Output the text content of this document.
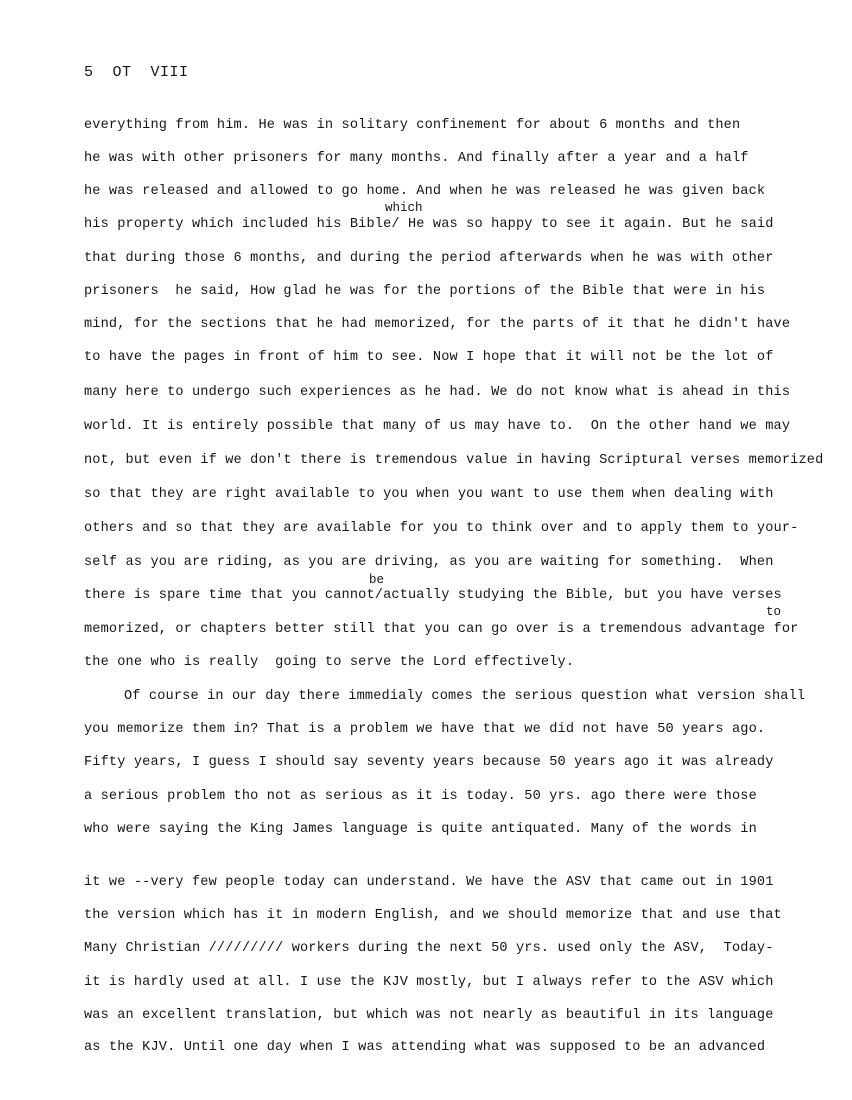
5  OT  VIII
which
be
to
everything from him. He was in solitary confinement for about 6 months and then
he was with other prisoners for many months. And finally after a year and a half
he was released and allowed to go home. And when he was released he was given back
his property which included his Bible/ He was so happy to see it again. But he said
that during those 6 months, and during the period afterwards when he was with other
prisoners  he said, How glad he was for the portions of the Bible that were in his
mind, for the sections that he had memorized, for the parts of it that he didn't have
to have the pages in front of him to see. Now I hope that it will not be the lot of
many here to undergo such experiences as he had. We do not know what is ahead in this
world. It is entirely possible that many of us may have to.  On the other hand we may
not, but even if we don't there is tremendous value in having Scriptural verses memorized
so that they are right available to you when you want to use them when dealing with
others and so that they are available for you to think over and to apply them to your-
self as you are riding, as you are driving, as you are waiting for something.  When
there is spare time that you cannot/actually studying the Bible, but you have verses
memorized, or chapters better still that you can go over is a tremendous advantage for
the one who is really  going to serve the Lord effectively.
Of course in our day there immedialy comes the serious question what version shall
you memorize them in? That is a problem we have that we did not have 50 years ago.
Fifty years, I guess I should say seventy years because 50 years ago it was already
a serious problem tho not as serious as it is today. 50 yrs. ago there were those
who were saying the King James language is quite antiquated. Many of the words in
it we --very few people today can understand. We have the ASV that came out in 1901
the version which has it in modern English, and we should memorize that and use that
Many Christian ///////// workers during the next 50 yrs. used only the ASV,  Today-
it is hardly used at all. I use the KJV mostly, but I always refer to the ASV which
was an excellent translation, but which was not nearly as beautiful in its language
as the KJV. Until one day when I was attending what was supposed to be an advanced
